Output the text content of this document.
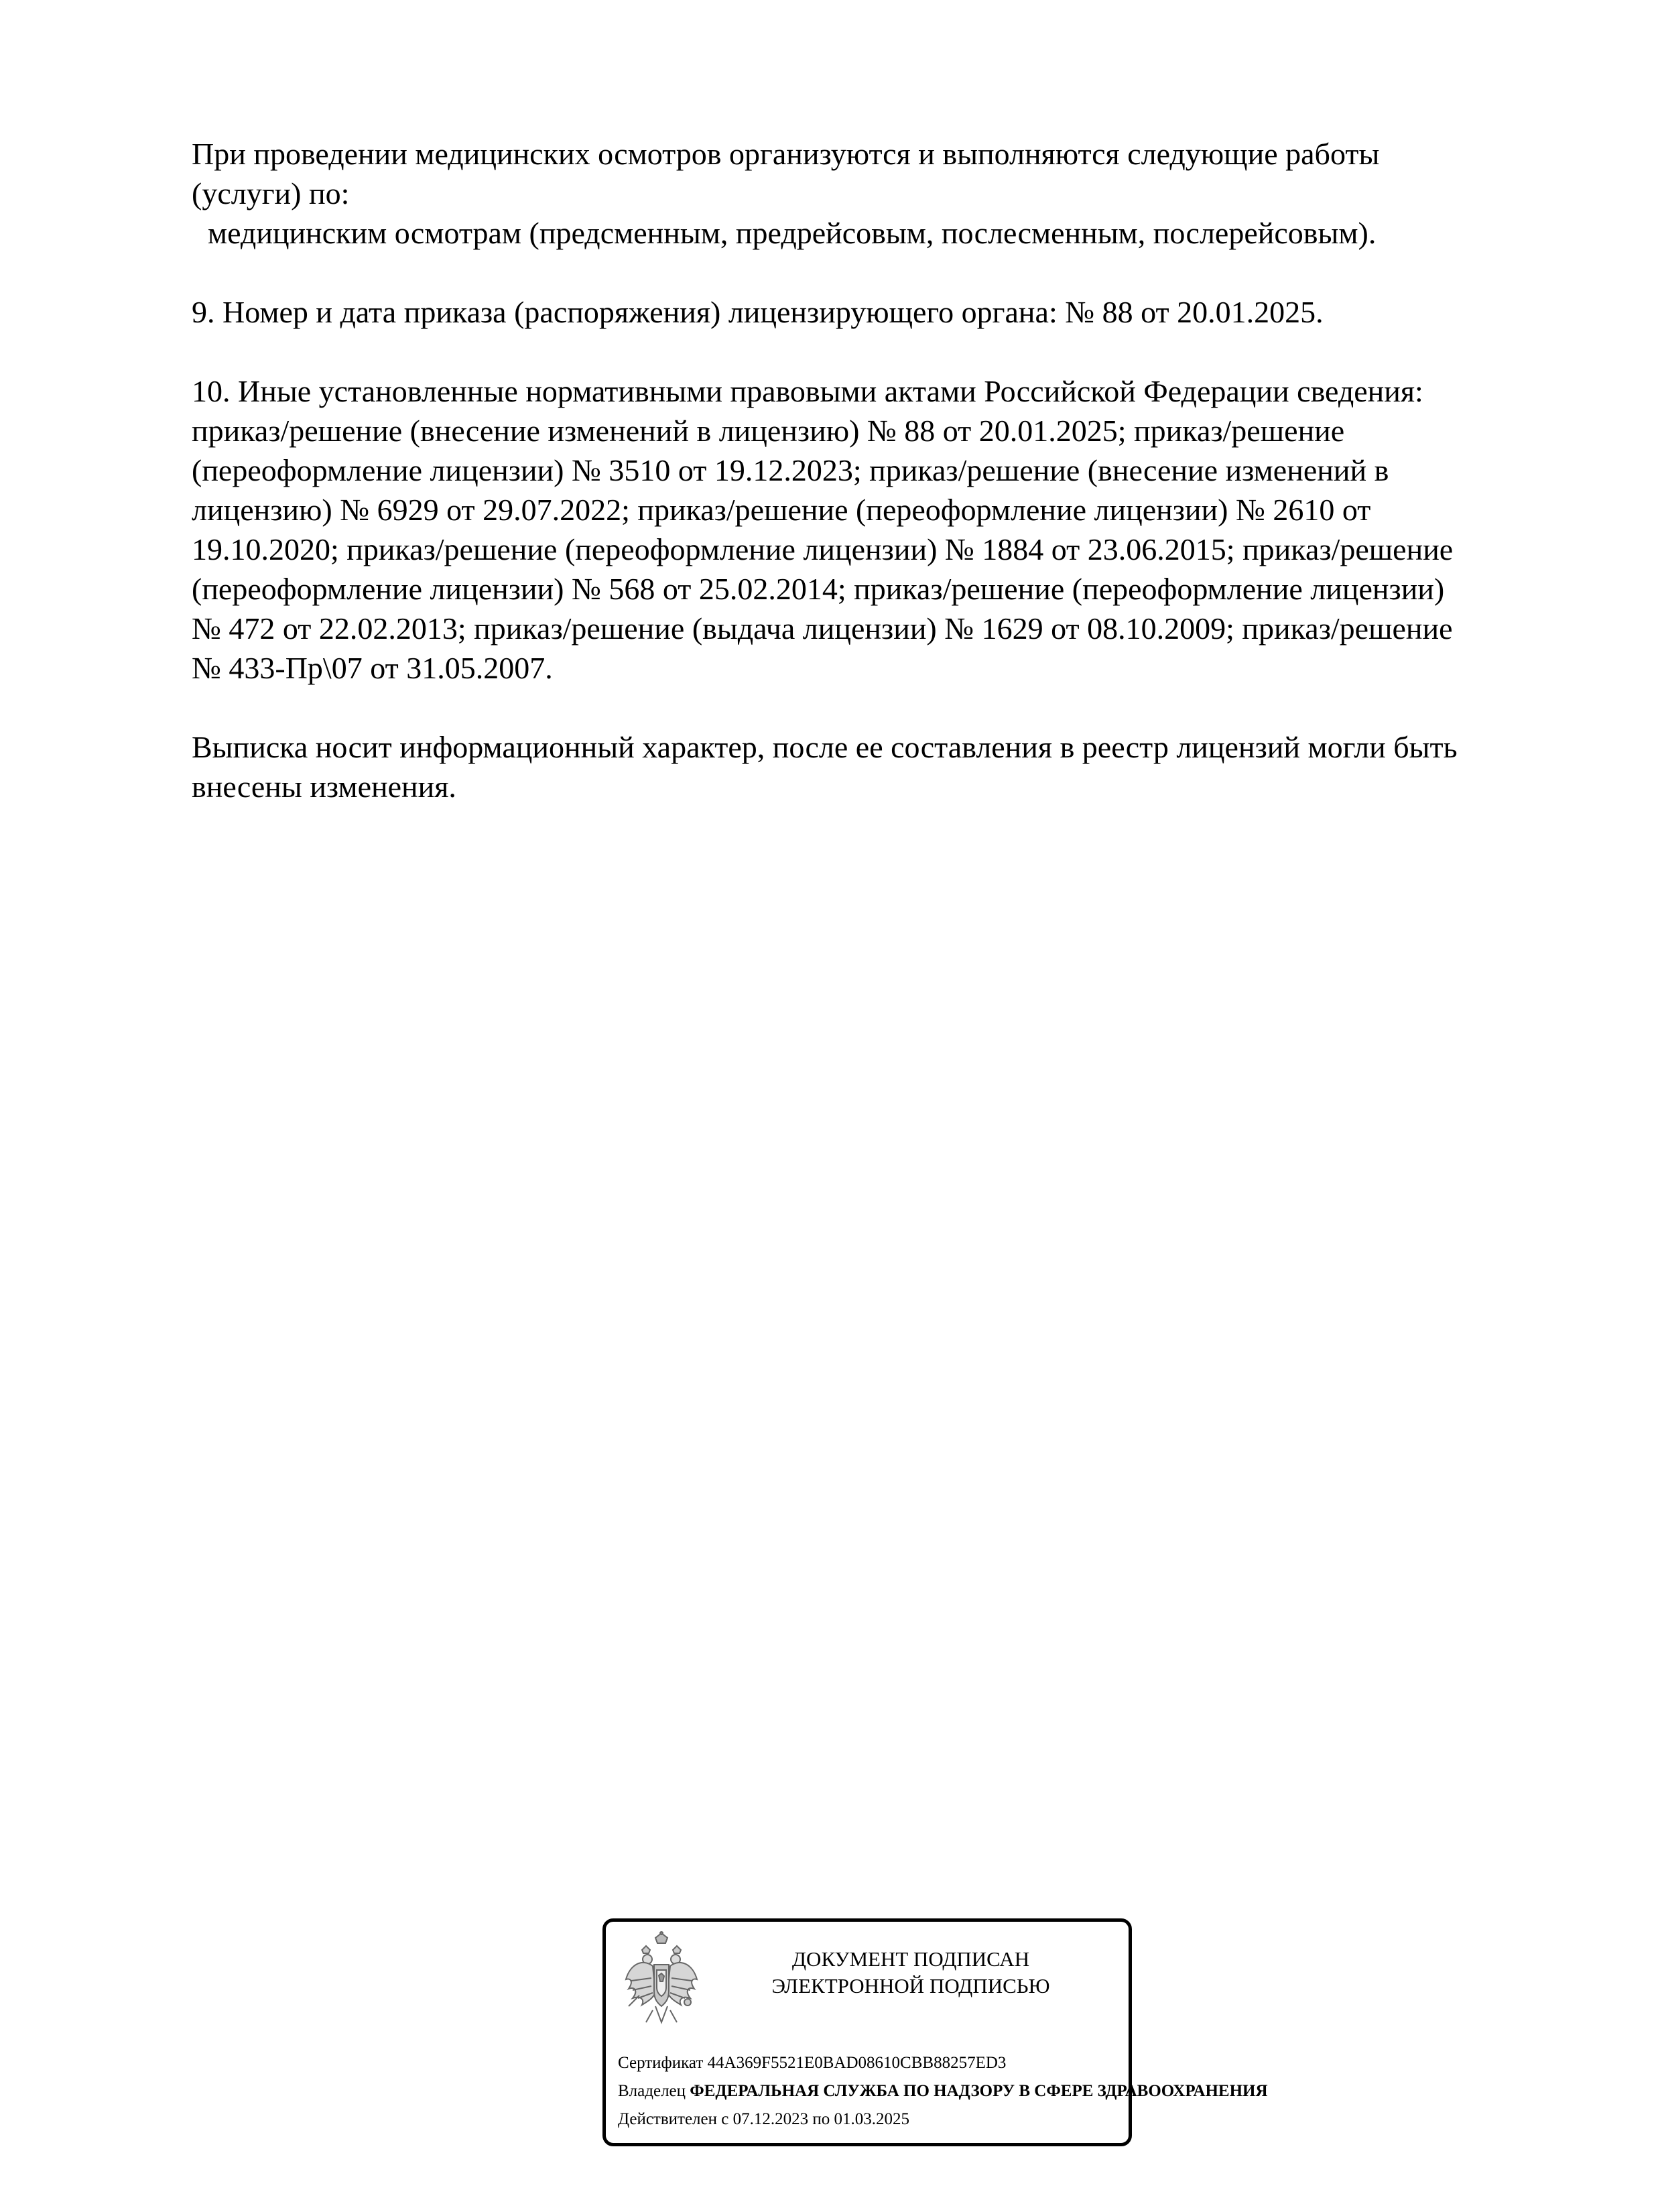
При проведении медицинских осмотров организуются и выполняются следующие работы

(услуги) по:

медицинским осмотрам (предсменным, предрейсовым, послесменным, послерейсовым).

9. Номер и дата приказа (распоряжения) лицензирующего органа: № 88 от 20.01.2025.

10. Иные установленные нормативными правовыми актами Российской Федерации сведения:

приказ/решение (внесение изменений в лицензию) № 88 от 20.01.2025; приказ/решение

(переоформление лицензии) № 3510 от 19.12.2023; приказ/решение (внесение изменений в

лицензию) № 6929 от 29.07.2022; приказ/решение (переоформление лицензии) № 2610 от

19.10.2020; приказ/решение (переоформление лицензии) № 1884 от 23.06.2015; приказ/решение

(переоформление лицензии) № 568 от 25.02.2014; приказ/решение (переоформление лицензии)

№ 472 от 22.02.2013; приказ/решение (выдача лицензии) № 1629 от 08.10.2009; приказ/решение

№ 433-Пр\07 от 31.05.2007.

Выписка носит информационный характер, после ее составления в реестр лицензий могли быть

внесены изменения.

ДОКУМЕНТ ПОДПИСАН
ЭЛЕКТРОННОЙ ПОДПИСЬЮ
Сертификат 44A369F5521E0BAD08610CBB88257ED3
Владелец ФЕДЕРАЛЬНАЯ СЛУЖБА ПО НАДЗОРУ В СФЕРЕ ЗДРАВООХРАНЕНИЯ
Действителен с 07.12.2023 по 01.03.2025
